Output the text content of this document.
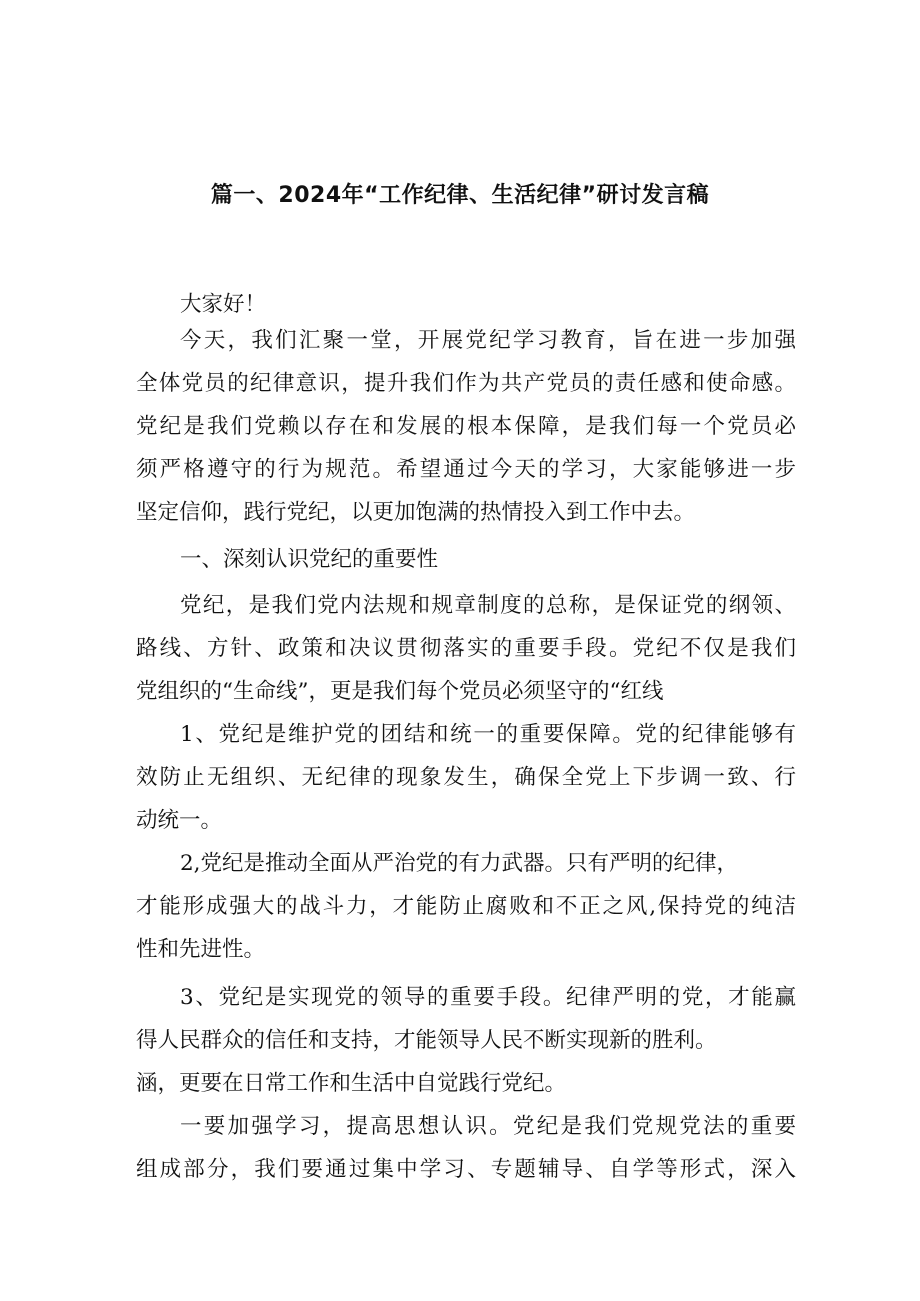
篇一、2024年“工作纪律、生活纪律”研讨发言稿
大家好！
今天，我们汇聚一堂，开展党纪学习教育，旨在进一步加强
全体党员的纪律意识，提升我们作为共产党员的责任感和使命感。
党纪是我们党赖以存在和发展的根本保障，是我们每一个党员必
须严格遵守的行为规范。希望通过今天的学习，大家能够进一步
坚定信仰，践行党纪，以更加饱满的热情投入到工作中去。
一、深刻认识党纪的重要性
党纪，是我们党内法规和规章制度的总称，是保证党的纲领、
路线、方针、政策和决议贯彻落实的重要手段。党纪不仅是我们
党组织的“生命线”，更是我们每个党员必须坚守的“红线
1、党纪是维护党的团结和统一的重要保障。党的纪律能够有
效防止无组织、无纪律的现象发生，确保全党上下步调一致、行
动统一。
2,党纪是推动全面从严治党的有力武器。只有严明的纪律，
才能形成强大的战斗力，才能防止腐败和不正之风,保持党的纯洁
性和先进性。
3、党纪是实现党的领导的重要手段。纪律严明的党，才能赢
得人民群众的信任和支持，才能领导人民不断实现新的胜利。
涵，更要在日常工作和生活中自觉践行党纪。
一要加强学习，提高思想认识。党纪是我们党规党法的重要
组成部分，我们要通过集中学习、专题辅导、自学等形式，深入
